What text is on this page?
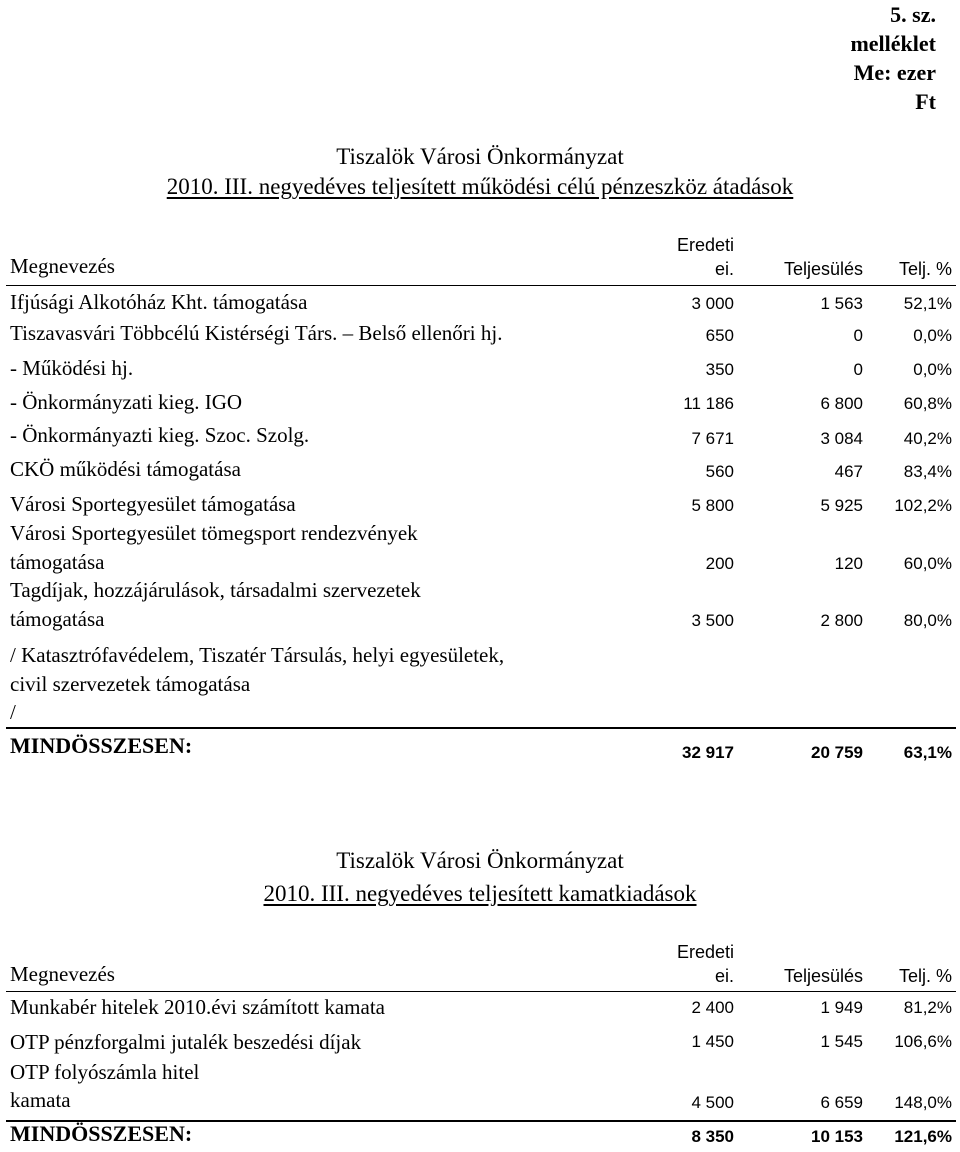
5. sz.
melléklet
Me: ezer
Ft
Tiszalök Városi Önkormányzat
2010. III. negyedéves teljesített működési célú pénzeszköz átadások
Megnevezés
Eredeti
ei.	Teljesülés Telj. %
Ifjúsági Alkotóház Kht. támogatása	3 000	1 563 52,1%
Tiszavasvári Többcélú Kistérségi Társ. – Belső ellenőri hj.	650	0	0,0%
- Működési hj.	350	0	0,0%
- Önkormányzati kieg. IGO	11 186	6 800 60,8%
- Önkormányazti kieg. Szoc. Szolg.	7 671	3 084 40,2%
CKÖ működési támogatása	560	467 83,4%
Városi Sportegyesület támogatása	5 800	5 925 102,2%
Városi Sportegyesület tömegsport rendezvények
támogatása	200	120 60,0%
Tagdíjak, hozzájárulások, társadalmi szervezetek
támogatása	3 500	2 800 80,0%
/ Katasztrófavédelem, Tiszatér Társulás, helyi egyesületek,
civil szervezetek támogatása
/
MINDÖSSZESEN:	32 917	20 759 63,1%
Tiszalök Városi Önkormányzat
2010. III. negyedéves teljesített kamatkiadások
Megnevezés
Eredeti
ei.	Teljesülés Telj. %
Munkabér hitelek 2010.évi számított kamata	2 400	1 949 81,2%
OTP pénzforgalmi jutalék beszedési díjak	1 450	1 545 106,6%
OTP folyószámla hitel
kamata	4 500	6 659 148,0%
MINDÖSSZESEN:	8 350	10 153 121,6%
